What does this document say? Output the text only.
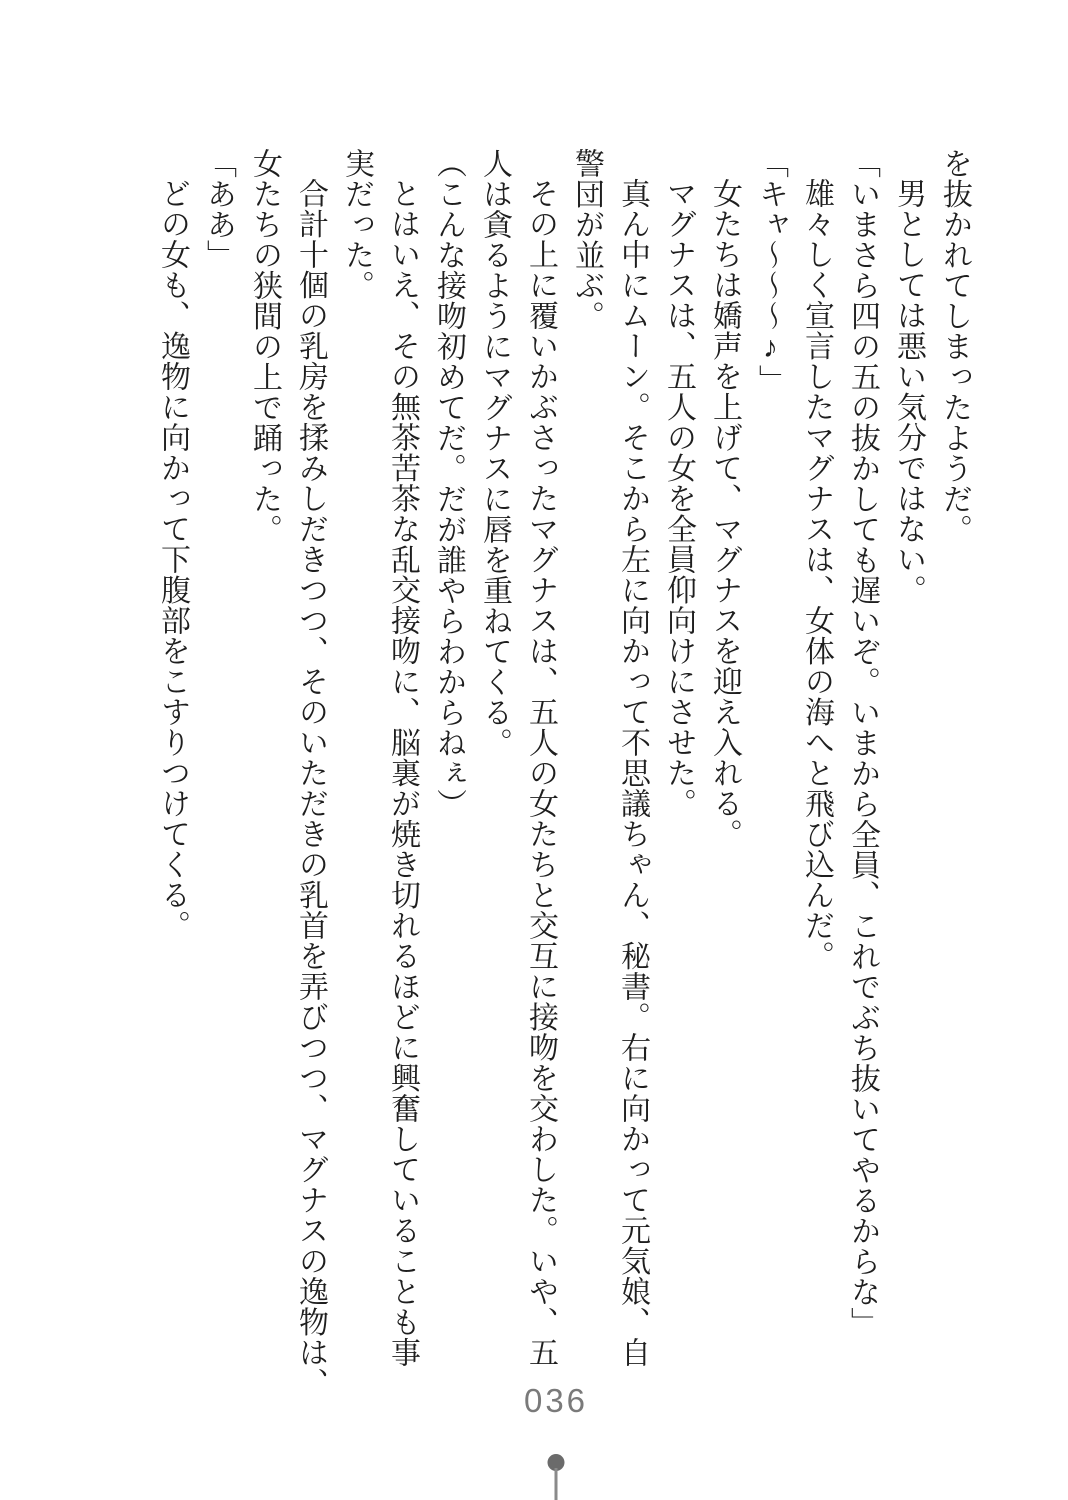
を抜かれてしまったようだ。
男としては悪い気分ではない。
「いまさら四の五の抜かしても遅いぞ。いまから全員、これでぶち抜いてやるからな」
雄々しく宣言したマグナスは、女体の海へと飛び込んだ。
「キャ〜〜〜♪」
女たちは嬌声を上げて、マグナスを迎え入れる。
マグナスは、五人の女を全員仰向けにさせた。
真ん中にムーン。そこから左に向かって不思議ちゃん、秘書。右に向かって元気娘、自
警団が並ぶ。
その上に覆いかぶさったマグナスは、五人の女たちと交互に接吻を交わした。いや、五
人は貪るようにマグナスに唇を重ねてくる。
（こんな接吻初めてだ。だが誰やらわからねぇ）
とはいえ、その無茶苦茶な乱交接吻に、脳裏が焼き切れるほどに興奮していることも事
実だった。
合計十個の乳房を揉みしだきつつ、そのいただきの乳首を弄びつつ、マグナスの逸物は、
女たちの狭間の上で踊った。
「ああ」
どの女も、逸物に向かって下腹部をこすりつけてくる。
036
